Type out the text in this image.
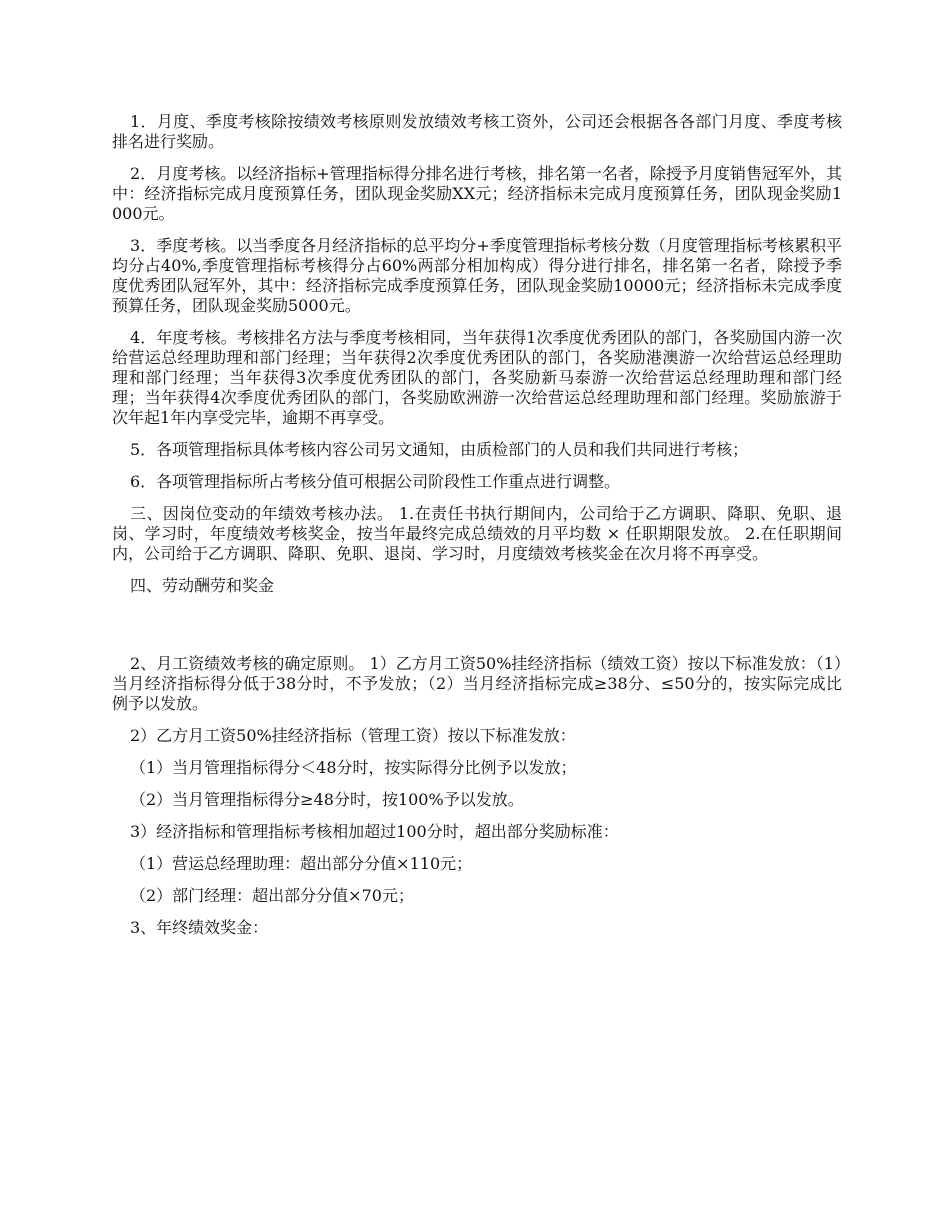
1．月度、季度考核除按绩效考核原则发放绩效考核工资外，公司还会根据各各部门月度、季度考核排名进行奖励。

2．月度考核。以经济指标+管理指标得分排名进行考核，排名第一名者，除授予月度销售冠军外，其中：经济指标完成月度预算任务，团队现金奖励XX元；经济指标未完成月度预算任务，团队现金奖励1000元。

3．季度考核。以当季度各月经济指标的总平均分+季度管理指标考核分数（月度管理指标考核累积平均分占40%,季度管理指标考核得分占60%两部分相加构成）得分进行排名，排名第一名者，除授予季度优秀团队冠军外，其中：经济指标完成季度预算任务，团队现金奖励10000元；经济指标未完成季度预算任务，团队现金奖励5000元。

4．年度考核。考核排名方法与季度考核相同，当年获得1次季度优秀团队的部门，各奖励国内游一次给营运总经理助理和部门经理；当年获得2次季度优秀团队的部门，各奖励港澳游一次给营运总经理助理和部门经理；当年获得3次季度优秀团队的部门，各奖励新马泰游一次给营运总经理助理和部门经理；当年获得4次季度优秀团队的部门，各奖励欧洲游一次给营运总经理助理和部门经理。奖励旅游于次年起1年内享受完毕，逾期不再享受。

5．各项管理指标具体考核内容公司另文通知，由质检部门的人员和我们共同进行考核；

6．各项管理指标所占考核分值可根据公司阶段性工作重点进行调整。

三、因岗位变动的年绩效考核办法。 1.在责任书执行期间内，公司给于乙方调职、降职、免职、退岗、学习时，年度绩效考核奖金，按当年最终完成总绩效的月平均数 × 任职期限发放。 2.在任职期间内，公司给于乙方调职、降职、免职、退岗、学习时，月度绩效考核奖金在次月将不再享受。

四、劳动酬劳和奖金

2、月工资绩效考核的确定原则。 1）乙方月工资50%挂经济指标（绩效工资）按以下标准发放：（1）当月经济指标得分低于38分时，不予发放；（2）当月经济指标完成≥38分、≤50分的，按实际完成比例予以发放。

2）乙方月工资50%挂经济指标（管理工资）按以下标准发放：

（1）当月管理指标得分＜48分时，按实际得分比例予以发放；

（2）当月管理指标得分≥48分时，按100%予以发放。

3）经济指标和管理指标考核相加超过100分时，超出部分奖励标准：

（1）营运总经理助理：超出部分分值×110元；

（2）部门经理：超出部分分值×70元；

3、年终绩效奖金：
